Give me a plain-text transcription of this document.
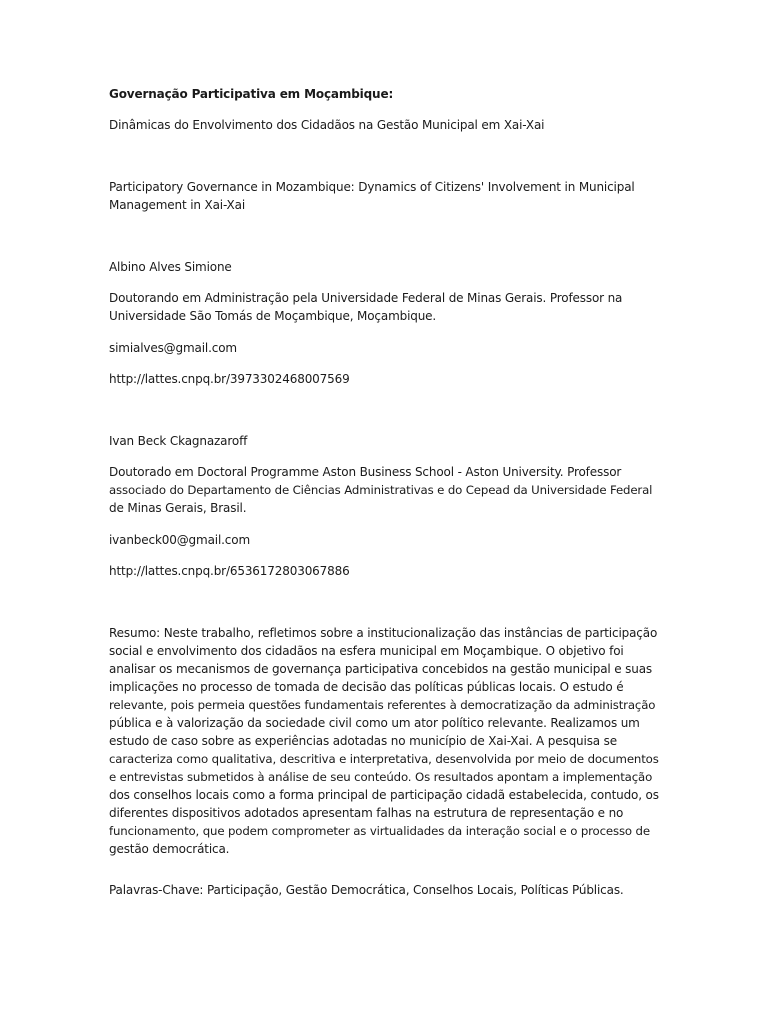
Governação Participativa em Moçambique:
Dinâmicas do Envolvimento dos Cidadãos na Gestão Municipal em Xai-Xai
Participatory Governance in Mozambique: Dynamics of Citizens' Involvement in Municipal
Management in Xai-Xai
Albino Alves Simione
Doutorando em Administração pela Universidade Federal de Minas Gerais. Professor na
Universidade São Tomás de Moçambique, Moçambique.
simialves@gmail.com
http://lattes.cnpq.br/3973302468007569
Ivan Beck Ckagnazaroff
Doutorado em Doctoral Programme Aston Business School - Aston University. Professor
associado do Departamento de Ciências Administrativas e do Cepead da Universidade Federal
de Minas Gerais, Brasil.
ivanbeck00@gmail.com
http://lattes.cnpq.br/6536172803067886
Resumo: Neste trabalho, refletimos sobre a institucionalização das instâncias de participação
social e envolvimento dos cidadãos na esfera municipal em Moçambique. O objetivo foi
analisar os mecanismos de governança participativa concebidos na gestão municipal e suas
implicações no processo de tomada de decisão das políticas públicas locais. O estudo é
relevante, pois permeia questões fundamentais referentes à democratização da administração
pública e à valorização da sociedade civil como um ator político relevante. Realizamos um
estudo de caso sobre as experiências adotadas no município de Xai-Xai. A pesquisa se
caracteriza como qualitativa, descritiva e interpretativa, desenvolvida por meio de documentos
e entrevistas submetidos à análise de seu conteúdo. Os resultados apontam a implementação
dos conselhos locais como a forma principal de participação cidadã estabelecida, contudo, os
diferentes dispositivos adotados apresentam falhas na estrutura de representação e no
funcionamento, que podem comprometer as virtualidades da interação social e o processo de
gestão democrática.
Palavras-Chave: Participação, Gestão Democrática, Conselhos Locais, Políticas Públicas.
